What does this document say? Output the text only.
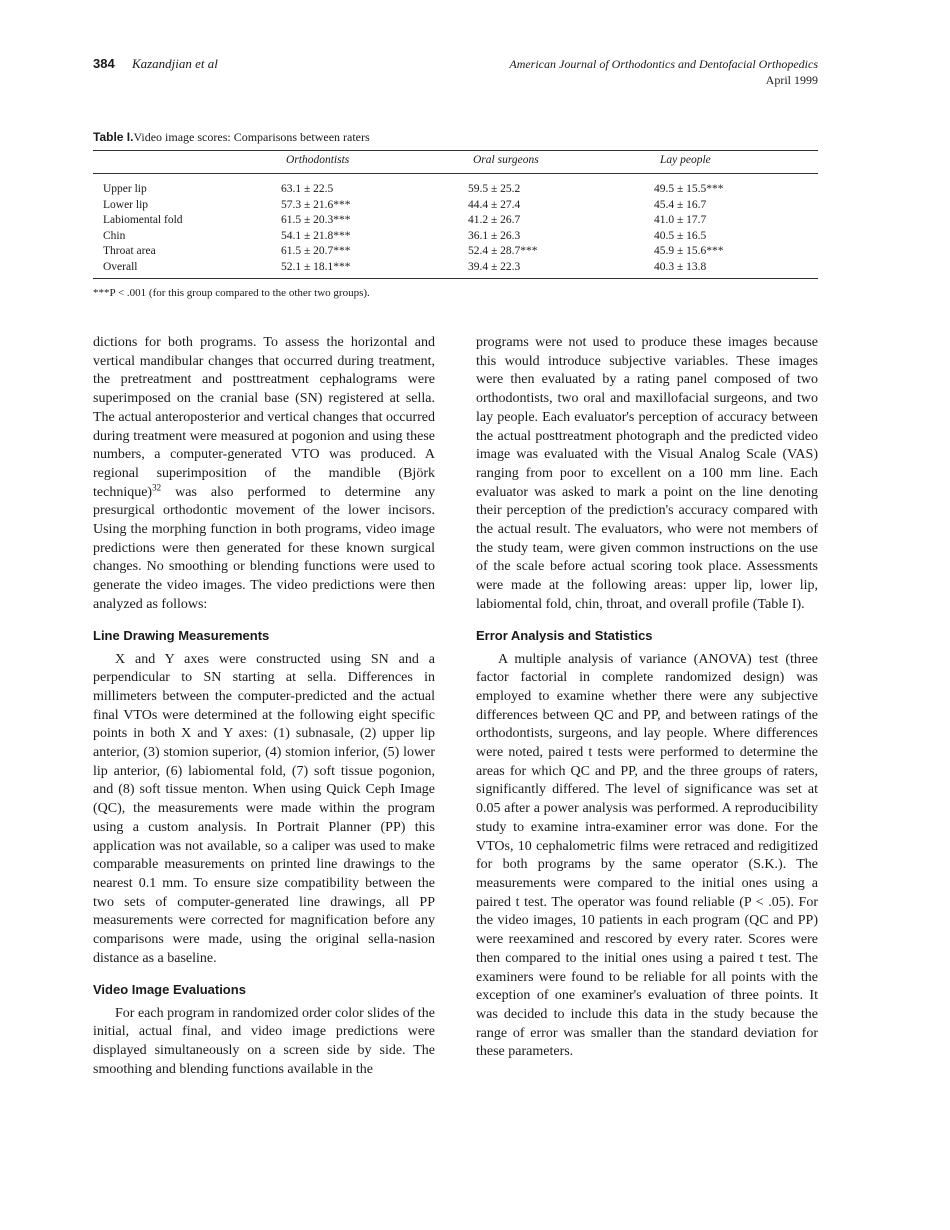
384 Kazandjian et al	American Journal of Orthodontics and Dentofacial Orthopedics
April 1999
Table I.Video image scores: Comparisons between raters
Orthodontists	Oral surgeons	Lay people
Upper lip	63.1 ± 22.5	59.5 ± 25.2	49.5 ± 15.5***
Lower lip	57.3 ± 21.6***	44.4 ± 27.4	45.4 ± 16.7
Labiomental fold	61.5 ± 20.3***	41.2 ± 26.7	41.0 ± 17.7
Chin	54.1 ± 21.8***	36.1 ± 26.3	40.5 ± 16.5
Throat area	61.5 ± 20.7***	52.4 ± 28.7***	45.9 ± 15.6***
Overall	52.1 ± 18.1***	39.4 ± 22.3	40.3 ± 13.8
***P < .001 (for this group compared to the other two groups).

dictions for both programs. To assess the horizontal and vertical mandibular changes that occurred during treatment, the pretreatment and posttreatment cephalograms were superimposed on the cranial base (SN) registered at sella. The actual anteroposterior and vertical changes that occurred during treatment were measured at pogonion and using these numbers, a computer-generated VTO was produced. A regional superimposition of the mandible (Björk technique)$^{32}$ was also performed to determine any presurgical orthodontic movement of the lower incisors. Using the morphing function in both programs, video image predictions were then generated for these known surgical changes. No smoothing or blending functions were used to generate the video images. The video predictions were then analyzed as follows:

Line Drawing Measurements

X and Y axes were constructed using SN and a perpendicular to SN starting at sella. Differences in millimeters between the computer-predicted and the actual final VTOs were determined at the following eight specific points in both X and Y axes: (1) subnasale, (2) upper lip anterior, (3) stomion superior, (4) stomion inferior, (5) lower lip anterior, (6) labiomental fold, (7) soft tissue pogonion, and (8) soft tissue menton. When using Quick Ceph Image (QC), the measurements were made within the program using a custom analysis. In Portrait Planner (PP) this application was not available, so a caliper was used to make comparable measurements on printed line drawings to the nearest 0.1 mm. To ensure size compatibility between the two sets of computer-generated line drawings, all PP measurements were corrected for magnification before any comparisons were made, using the original sella-nasion distance as a baseline.

Video Image Evaluations

For each program in randomized order color slides of the initial, actual final, and video image predictions were displayed simultaneously on a screen side by side. The smoothing and blending functions available in the

programs were not used to produce these images because this would introduce subjective variables. These images were then evaluated by a rating panel composed of two orthodontists, two oral and maxillofacial surgeons, and two lay people. Each evaluator's perception of accuracy between the actual posttreatment photograph and the predicted video image was evaluated with the Visual Analog Scale (VAS) ranging from poor to excellent on a 100 mm line. Each evaluator was asked to mark a point on the line denoting their perception of the prediction's accuracy compared with the actual result. The evaluators, who were not members of the study team, were given common instructions on the use of the scale before actual scoring took place. Assessments were made at the following areas: upper lip, lower lip, labiomental fold, chin, throat, and overall profile (Table I).

Error Analysis and Statistics

A multiple analysis of variance (ANOVA) test (three factor factorial in complete randomized design) was employed to examine whether there were any subjective differences between QC and PP, and between ratings of the orthodontists, surgeons, and lay people. Where differences were noted, paired t tests were performed to determine the areas for which QC and PP, and the three groups of raters, significantly differed. The level of significance was set at 0.05 after a power analysis was performed. A reproducibility study to examine intra-examiner error was done. For the VTOs, 10 cephalometric films were retraced and redigitized for both programs by the same operator (S.K.). The measurements were compared to the initial ones using a paired t test. The operator was found reliable (P < .05). For the video images, 10 patients in each program (QC and PP) were reexamined and rescored by every rater. Scores were then compared to the initial ones using a paired t test. The examiners were found to be reliable for all points with the exception of one examiner's evaluation of three points. It was decided to include this data in the study because the range of error was smaller than the standard deviation for these parameters.
